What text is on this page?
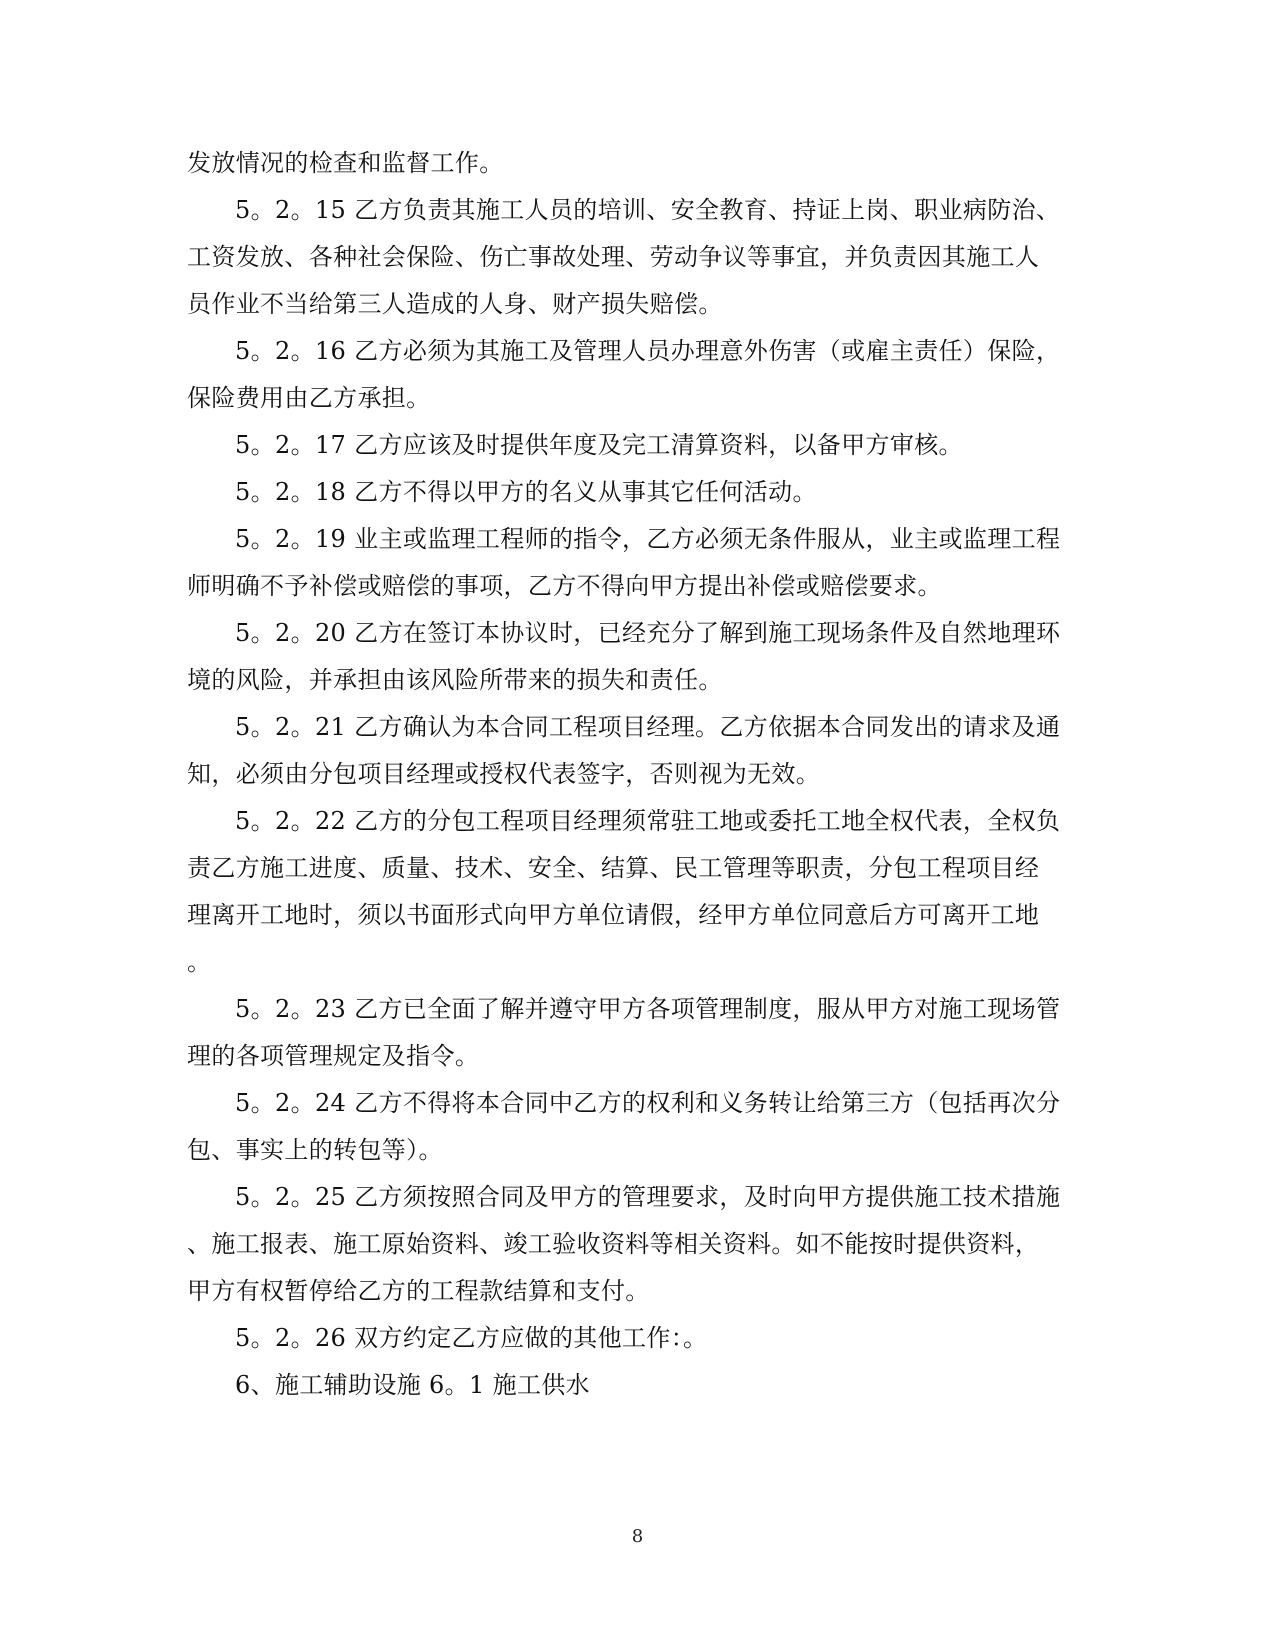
发放情况的检查和监督工作。
5。2。15 乙方负责其施工人员的培训、安全教育、持证上岗、职业病防治、
工资发放、各种社会保险、伤亡事故处理、劳动争议等事宜，并负责因其施工人
员作业不当给第三人造成的人身、财产损失赔偿。
5。2。16 乙方必须为其施工及管理人员办理意外伤害（或雇主责任）保险，
保险费用由乙方承担。
5。2。17 乙方应该及时提供年度及完工清算资料，以备甲方审核。
5。2。18 乙方不得以甲方的名义从事其它任何活动。
5。2。19 业主或监理工程师的指令，乙方必须无条件服从，业主或监理工程
师明确不予补偿或赔偿的事项，乙方不得向甲方提出补偿或赔偿要求。
5。2。20 乙方在签订本协议时，已经充分了解到施工现场条件及自然地理环
境的风险，并承担由该风险所带来的损失和责任。
5。2。21 乙方确认为本合同工程项目经理。乙方依据本合同发出的请求及通
知，必须由分包项目经理或授权代表签字，否则视为无效。
5。2。22 乙方的分包工程项目经理须常驻工地或委托工地全权代表，全权负
责乙方施工进度、质量、技术、安全、结算、民工管理等职责，分包工程项目经
理离开工地时，须以书面形式向甲方单位请假，经甲方单位同意后方可离开工地
。
5。2。23 乙方已全面了解并遵守甲方各项管理制度，服从甲方对施工现场管
理的各项管理规定及指令。
5。2。24 乙方不得将本合同中乙方的权利和义务转让给第三方（包括再次分
包、事实上的转包等）。
5。2。25 乙方须按照合同及甲方的管理要求，及时向甲方提供施工技术措施
、施工报表、施工原始资料、竣工验收资料等相关资料。如不能按时提供资料，
甲方有权暂停给乙方的工程款结算和支付。
5。2。26 双方约定乙方应做的其他工作：。
6、施工辅助设施 6。1 施工供水
8
